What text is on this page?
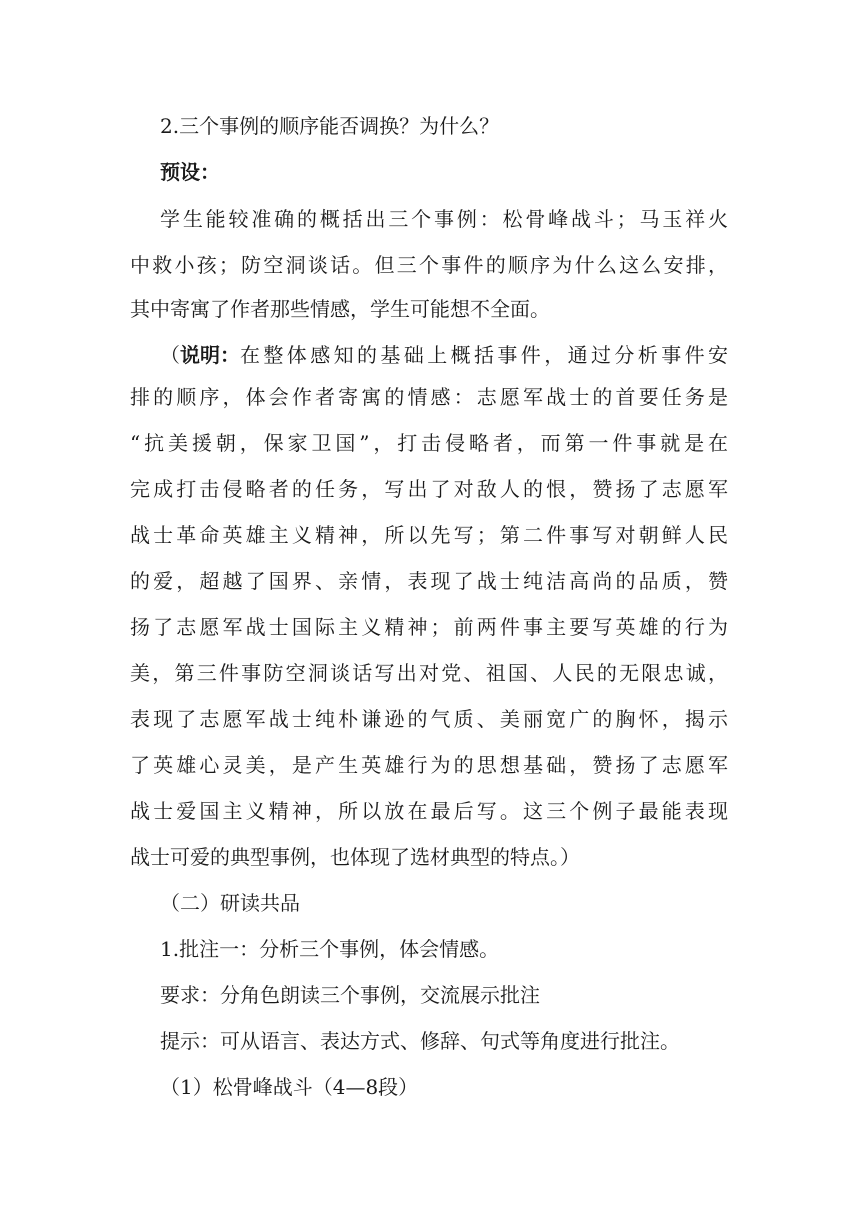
2.三个事例的顺序能否调换？为什么？
预设：
学生能较准确的概括出三个事例：松骨峰战斗；马玉祥火
中救小孩；防空洞谈话。但三个事件的顺序为什么这么安排，
其中寄寓了作者那些情感，学生可能想不全面。
（ 说明： 在整体感知的基础上概括事件，通过分析事件安
排的顺序，体会作者寄寓的情感：志愿军战士的首要任务是
“抗美援朝，保家卫国”，打击侵略者，而第一件事就是在
完成打击侵略者的任务，写出了对敌人的恨，赞扬了志愿军
战士革命英雄主义精神，所以先写；第二件事写对朝鲜人民
的爱，超越了国界、亲情，表现了战士纯洁高尚的品质，赞
扬了志愿军战士国际主义精神；前两件事主要写英雄的行为
美，第三件事防空洞谈话写出对党、祖国、人民的无限忠诚，
表现了志愿军战士纯朴谦逊的气质、美丽宽广的胸怀，揭示
了英雄心灵美，是产生英雄行为的思想基础，赞扬了志愿军
战士爱国主义精神，所以放在最后写。这三个例子最能表现
战士可爱的典型事例，也体现了选材典型的特点。）
（二）研读共品
1.批注一：分析三个事例，体会情感。
要求：分角色朗读三个事例，交流展示批注
提示：可从语言、表达方式、修辞、句式等角度进行批注。
（1）松骨峰战斗（4—8段）
